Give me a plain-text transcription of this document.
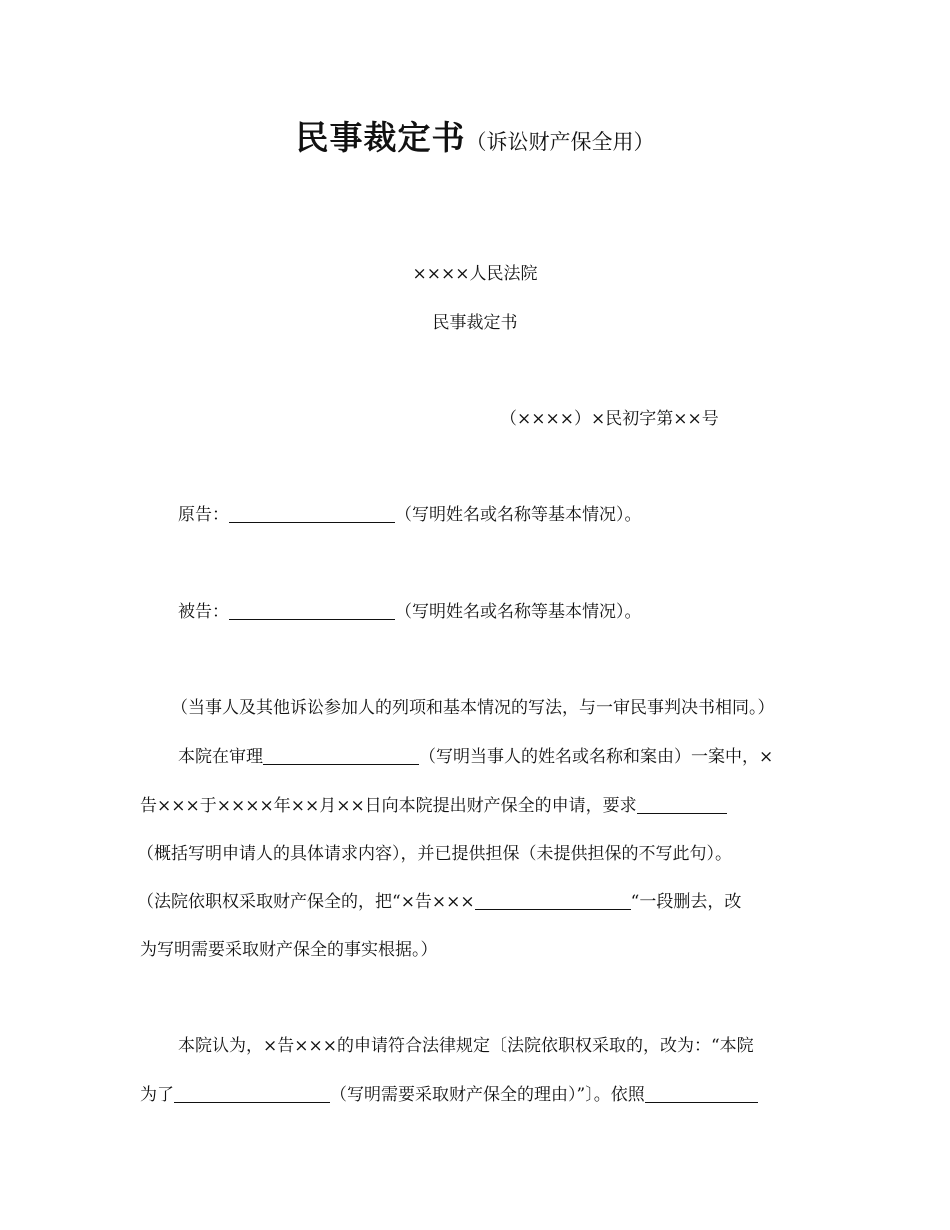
民事裁定书（诉讼财产保全用）
××××人民法院
民事裁定书
（××××）×民初字第××号
原告：	（写明姓名或名称等基本情况）。
被告：	（写明姓名或名称等基本情况）。
（当事人及其他诉讼参加人的列项和基本情况的写法，与一审民事判决书相同。）
本院在审理	（写明当事人的姓名或名称和案由）一案中，×
告×××于××××年××月××日向本院提出财产保全的申请，要求
（概括写明申请人的具体请求内容），并已提供担保（未提供担保的不写此句）。
（法院依职权采取财产保全的，把“×告×××	“一段删去，改
为写明需要采取财产保全的事实根据。）
本院认为，×告×××的申请符合法律规定〔法院依职权采取的，改为：“本院
为了	（写明需要采取财产保全的理由）”〕。依照
